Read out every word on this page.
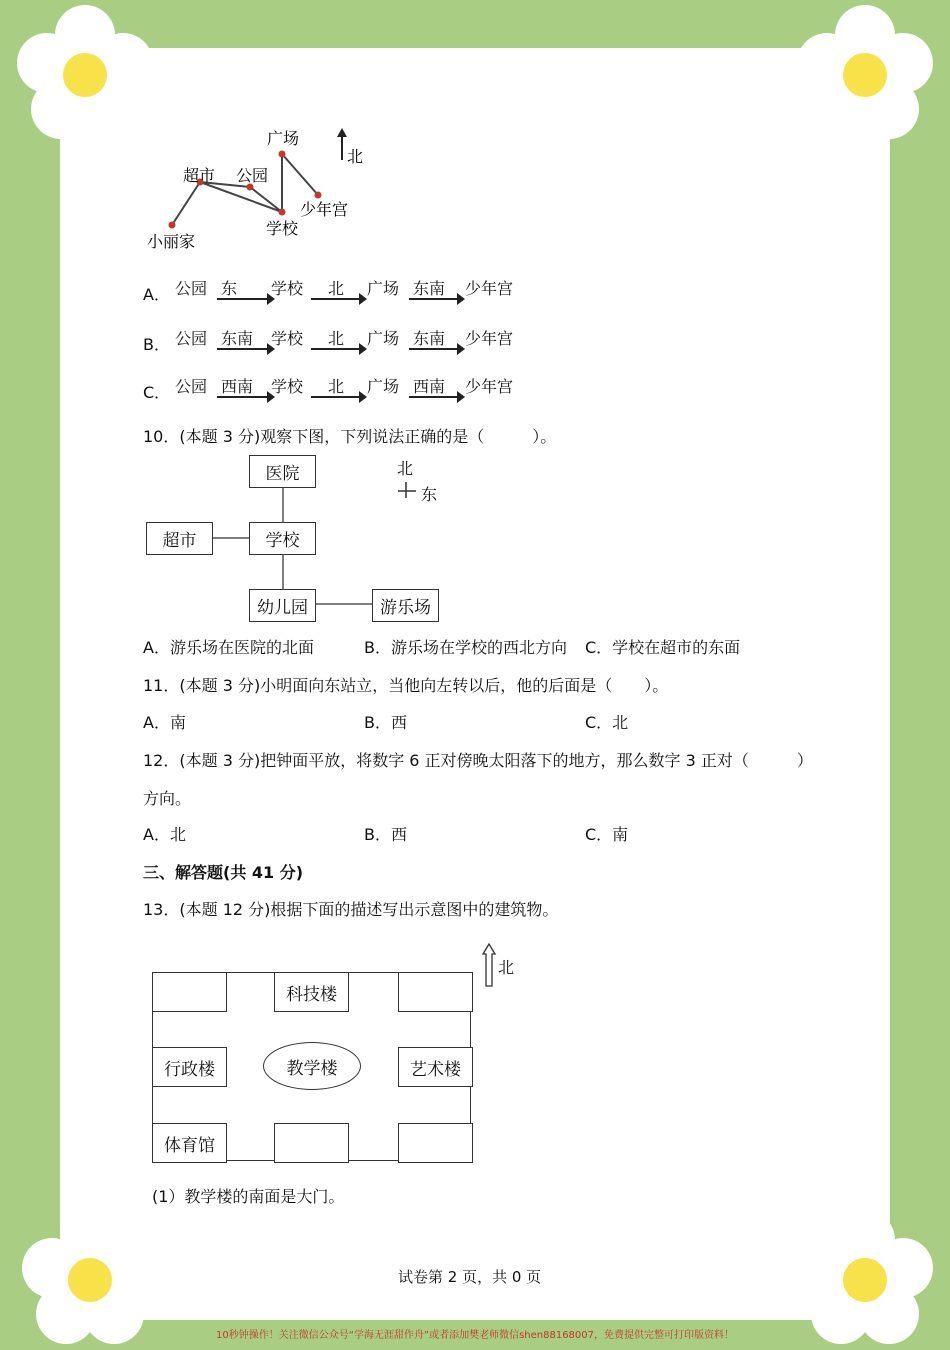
广场
超市 公园
少年宫
学校
小丽家
北
A． 公园 东 学校 北 广场 东南 少年宫
B． 公园 东南 学校 北 广场 东南 少年宫
C． 公园 西南 学校 北 广场 西南 少年宫
10．(本题 3 分)观察下图，下列说法正确的是（　　　）。
医院
超市	学校
幼儿园	游乐场
北
东
A．游乐场在医院的北面	B．游乐场在学校的西北方向 C．学校在超市的东面
11．(本题 3 分)小明面向东站立，当他向左转以后，他的后面是（　　）。
A．南	B．西	C．北
12．(本题 3 分)把钟面平放，将数字 6 正对傍晚太阳落下的地方，那么数字 3 正对（　　　）
方向。
A．北	B．西	C．南
三、解答题(共 41 分)
13．(本题 12 分)根据下面的描述写出示意图中的建筑物。
科技楼
行政楼	艺术楼
体育馆
教学楼
北
(1）教学楼的南面是大门。
试卷第 2 页，共 0 页
10秒钟操作！关注微信公众号“学海无涯甜作舟”或者添加樊老师微信shen88168007，免费提供完整可打印版资料！
